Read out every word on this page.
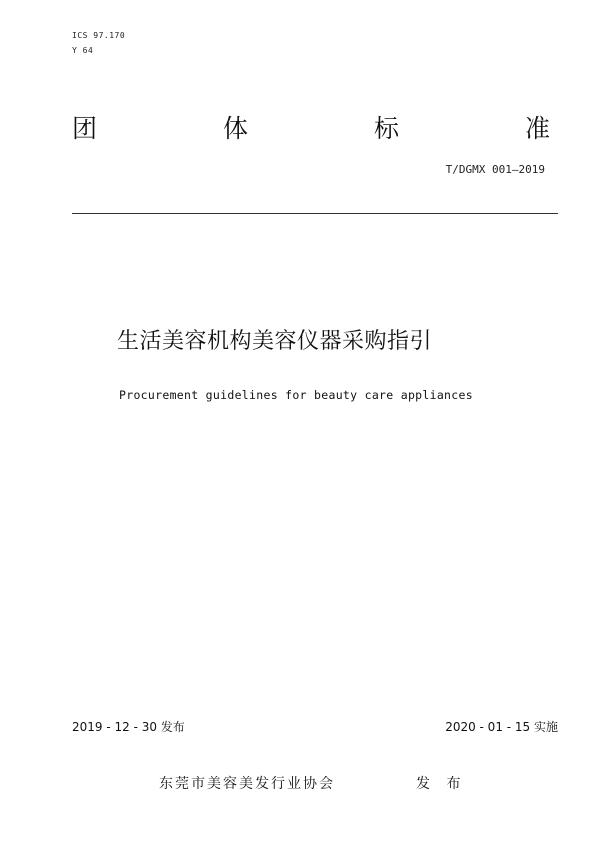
ICS 97.170
Y 64
团	体	标	准
T/DGMX 001—2019
生活美容机构美容仪器采购指引
Procurement guidelines for beauty care appliances
2019 - 12 - 30 发布	2020 - 01 - 15 实施
东莞市美容美发行业协会	发 布
